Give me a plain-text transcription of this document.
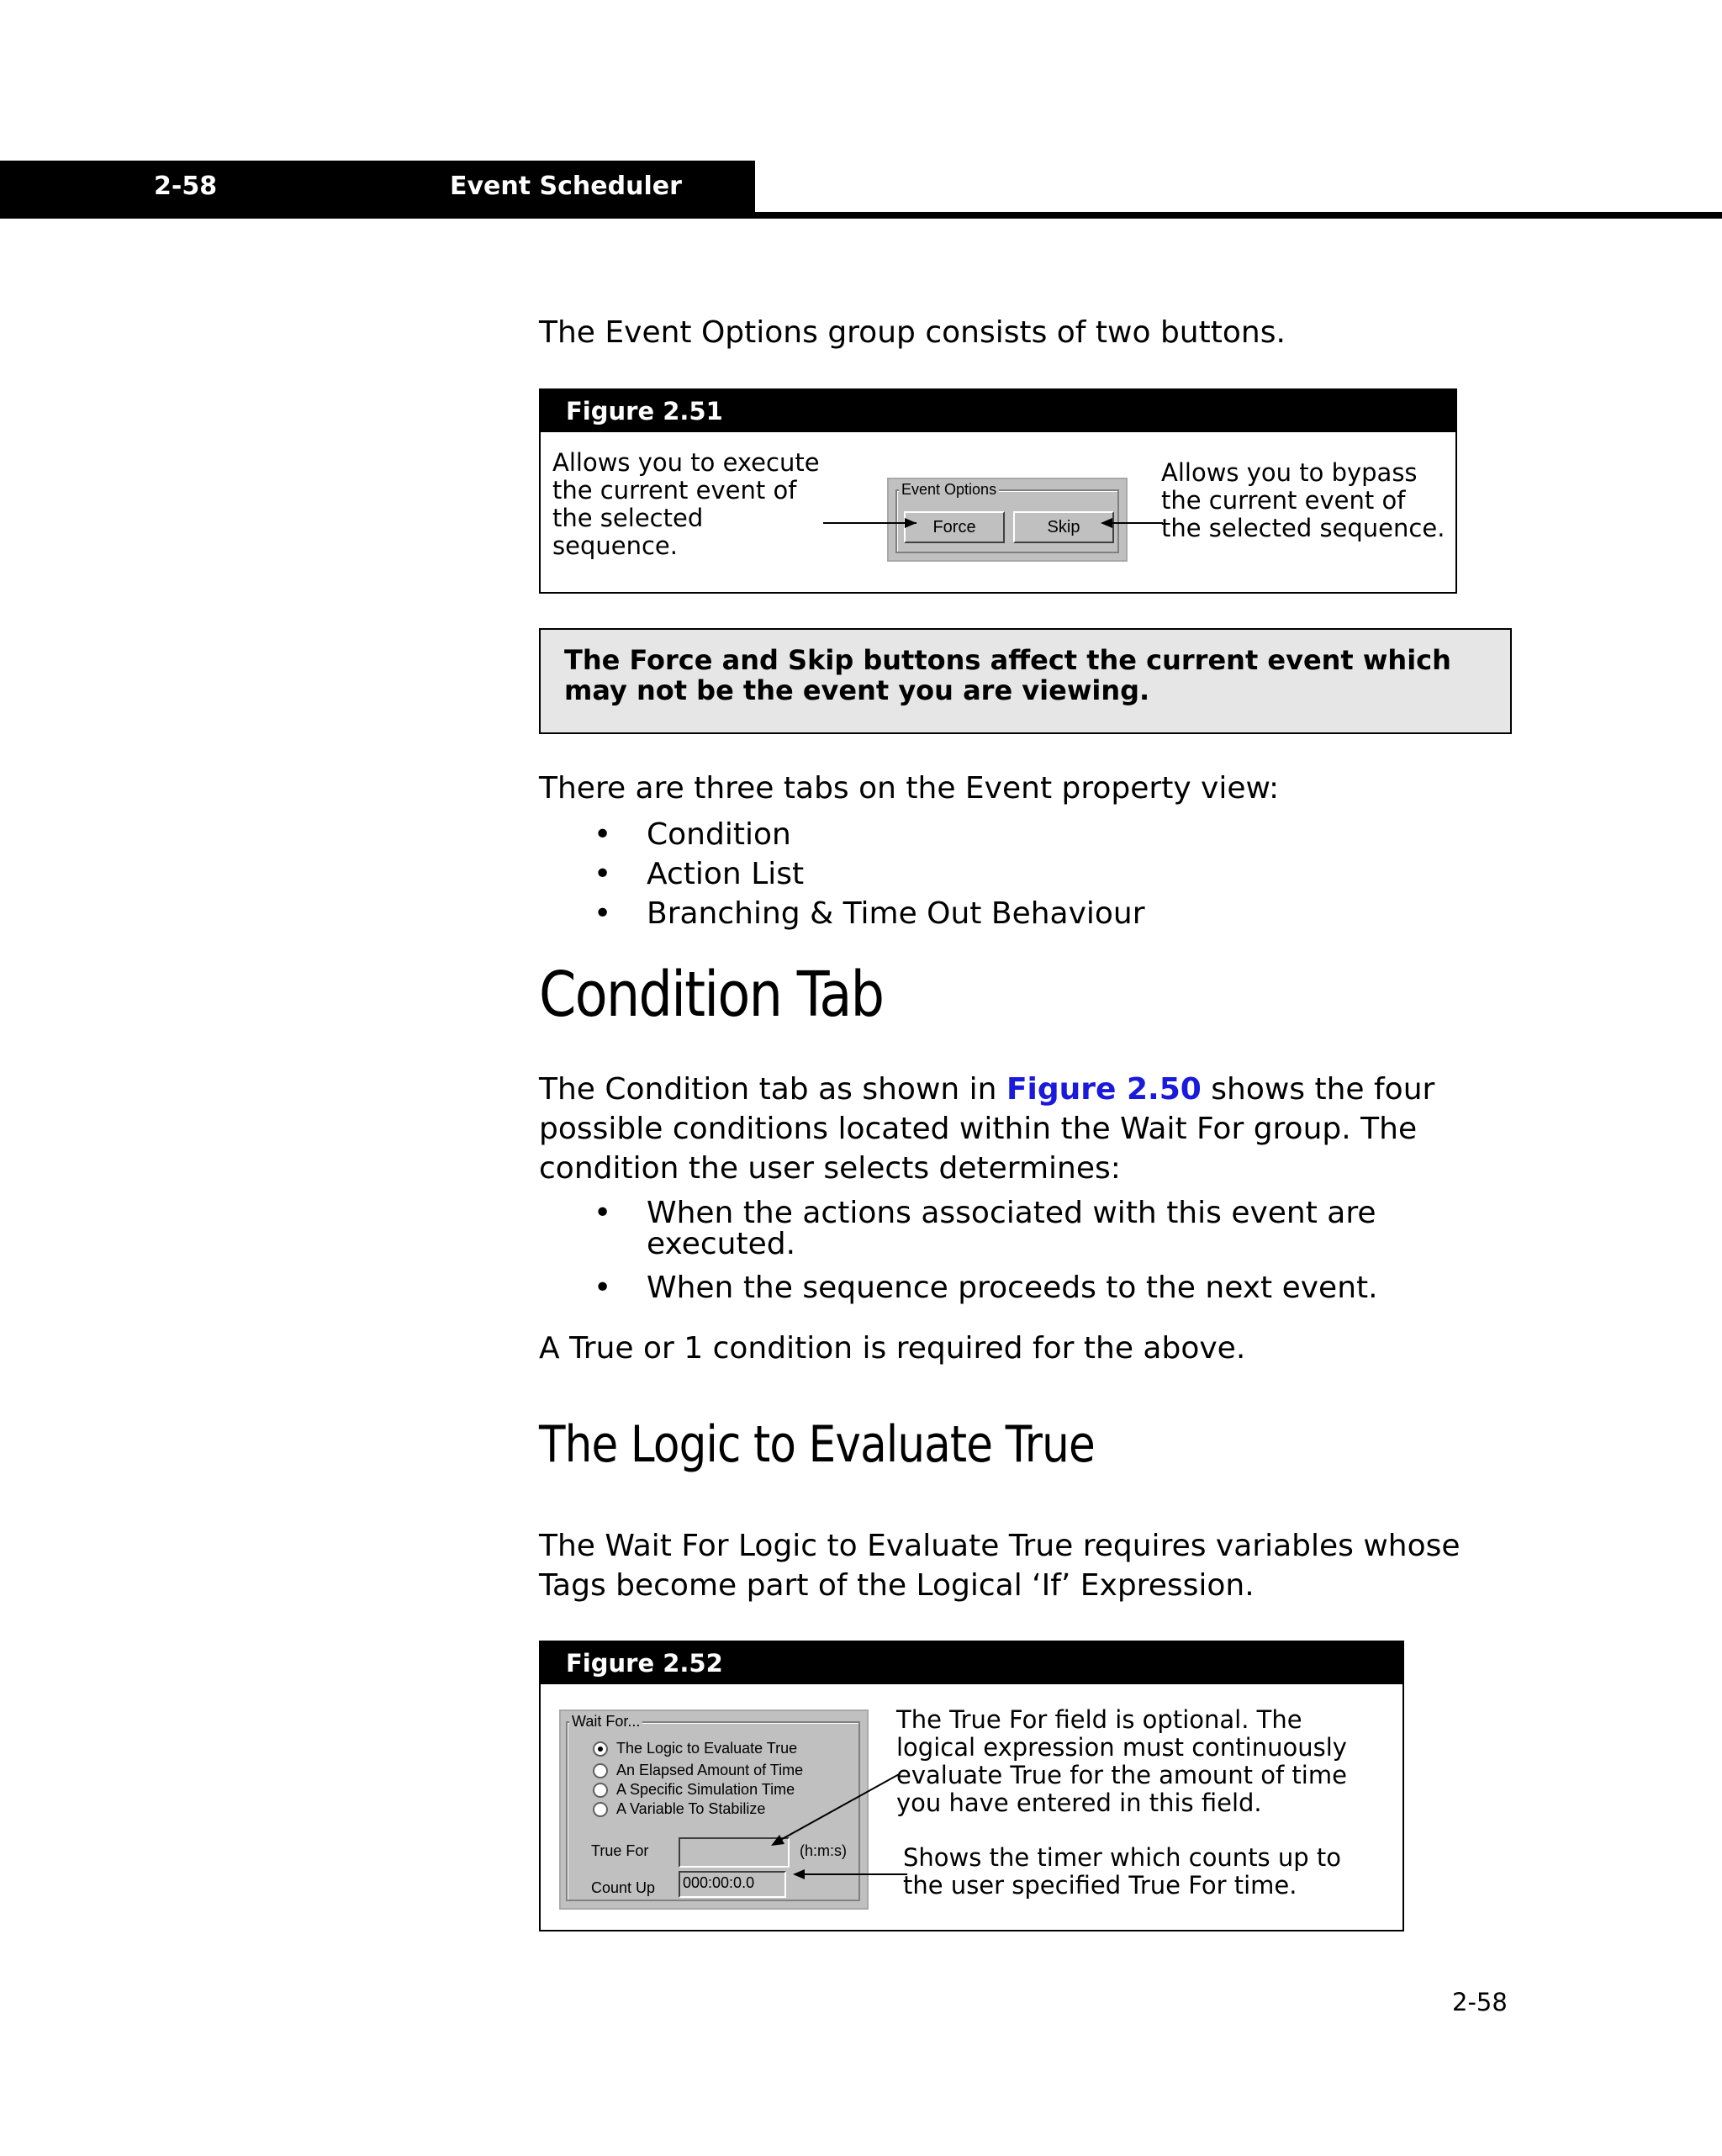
2-58	Event Scheduler

The Event Options group consists of two buttons.

Figure 2.51
Allows you to execute
the current event of
the selected
sequence.
Allows you to bypass
the current event of
the selected sequence.
Event Options
Force	Skip
The Force and Skip buttons affect the current event which may not be the event you are viewing.

There are three tabs on the Event property view:

• Condition
• Action List
• Branching & Time Out Behaviour
Condition Tab
The Condition tab as shown in Figure 2.50 shows the four
possible conditions located within the Wait For group. The
condition the user selects determines:
• When the actions associated with this event are executed.
• When the sequence proceeds to the next event.

A True or 1 condition is required for the above.

The Logic to Evaluate True
The Wait For Logic to Evaluate True requires variables whose
Tags become part of the Logical ‘If’ Expression.
Figure 2.52
Wait For...
The Logic to Evaluate True
An Elapsed Amount of Time
A Specific Simulation Time
A Variable To Stabilize
True For	(h:m:s)
Count Up 000:00:0.0
The True For field is optional. The
logical expression must continuously
evaluate True for the amount of time
you have entered in this field.
Shows the timer which counts up to
the user specified True For time.
2-58
